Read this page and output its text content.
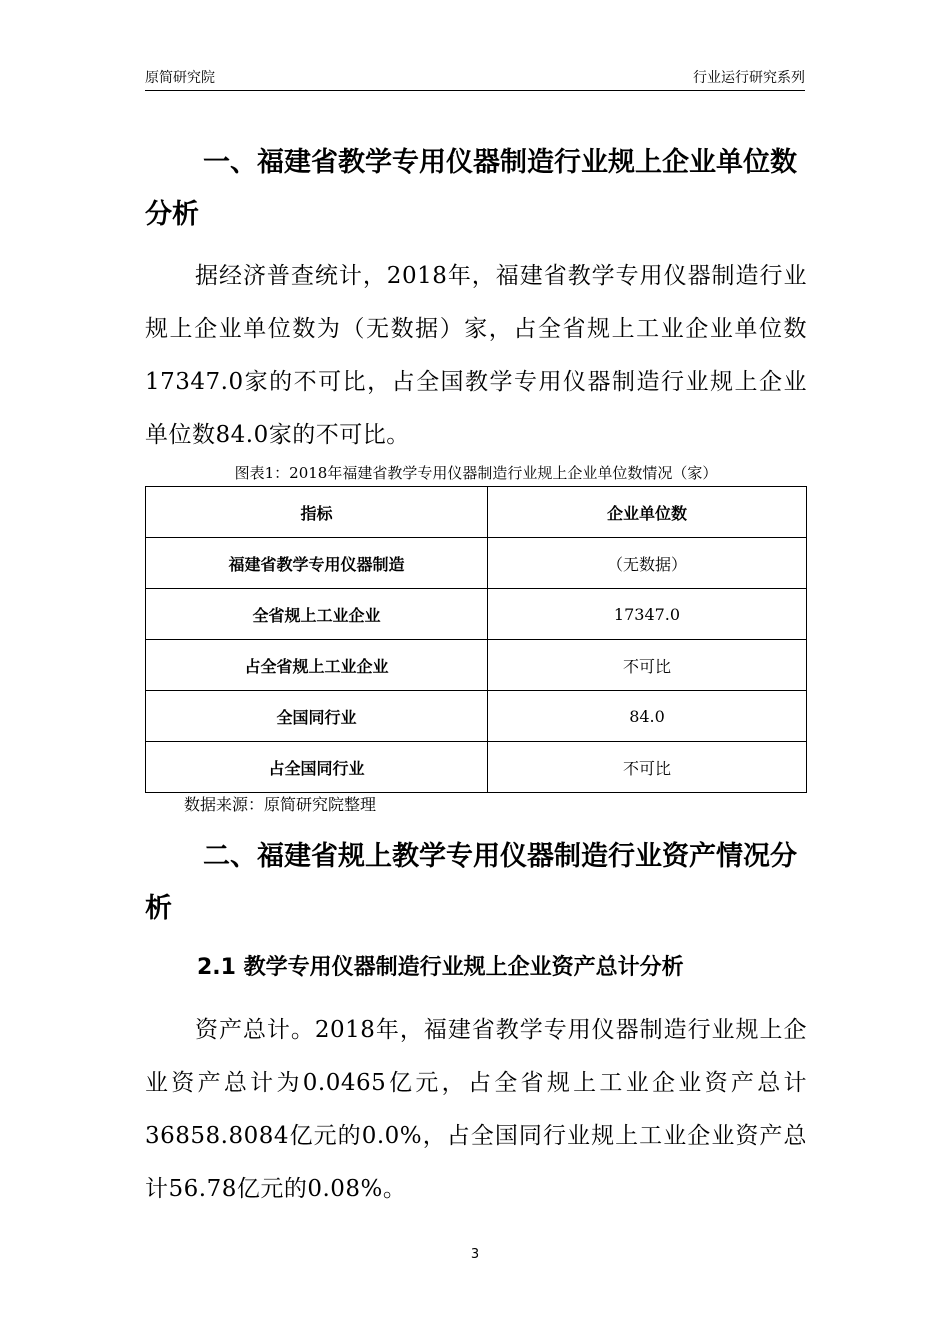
原简研究院	行业运行研究系列
一、福建省教学专用仪器制造行业规上企业单位数分析

据经济普查统计，2018年，福建省教学专用仪器制造行业规上企业单位数为（无数据）家，占全省规上工业企业单位数17347.0家的不可比，占全国教学专用仪器制造行业规上企业单位数84.0家的不可比。

图表1：2018年福建省教学专用仪器制造行业规上企业单位数情况（家）
指标	企业单位数
福建省教学专用仪器制造	（无数据）
全省规上工业企业	17347.0
占全省规上工业企业	不可比
全国同行业	84.0
占全国同行业	不可比
数据来源：原简研究院整理
二、福建省规上教学专用仪器制造行业资产情况分析
2.1 教学专用仪器制造行业规上企业资产总计分析

资产总计。2018年，福建省教学专用仪器制造行业规上企业资产总计为0.0465亿元，占全省规上工业企业资产总计36858.8084亿元的0.0%，占全国同行业规上工业企业资产总计56.78亿元的0.08%。

3
